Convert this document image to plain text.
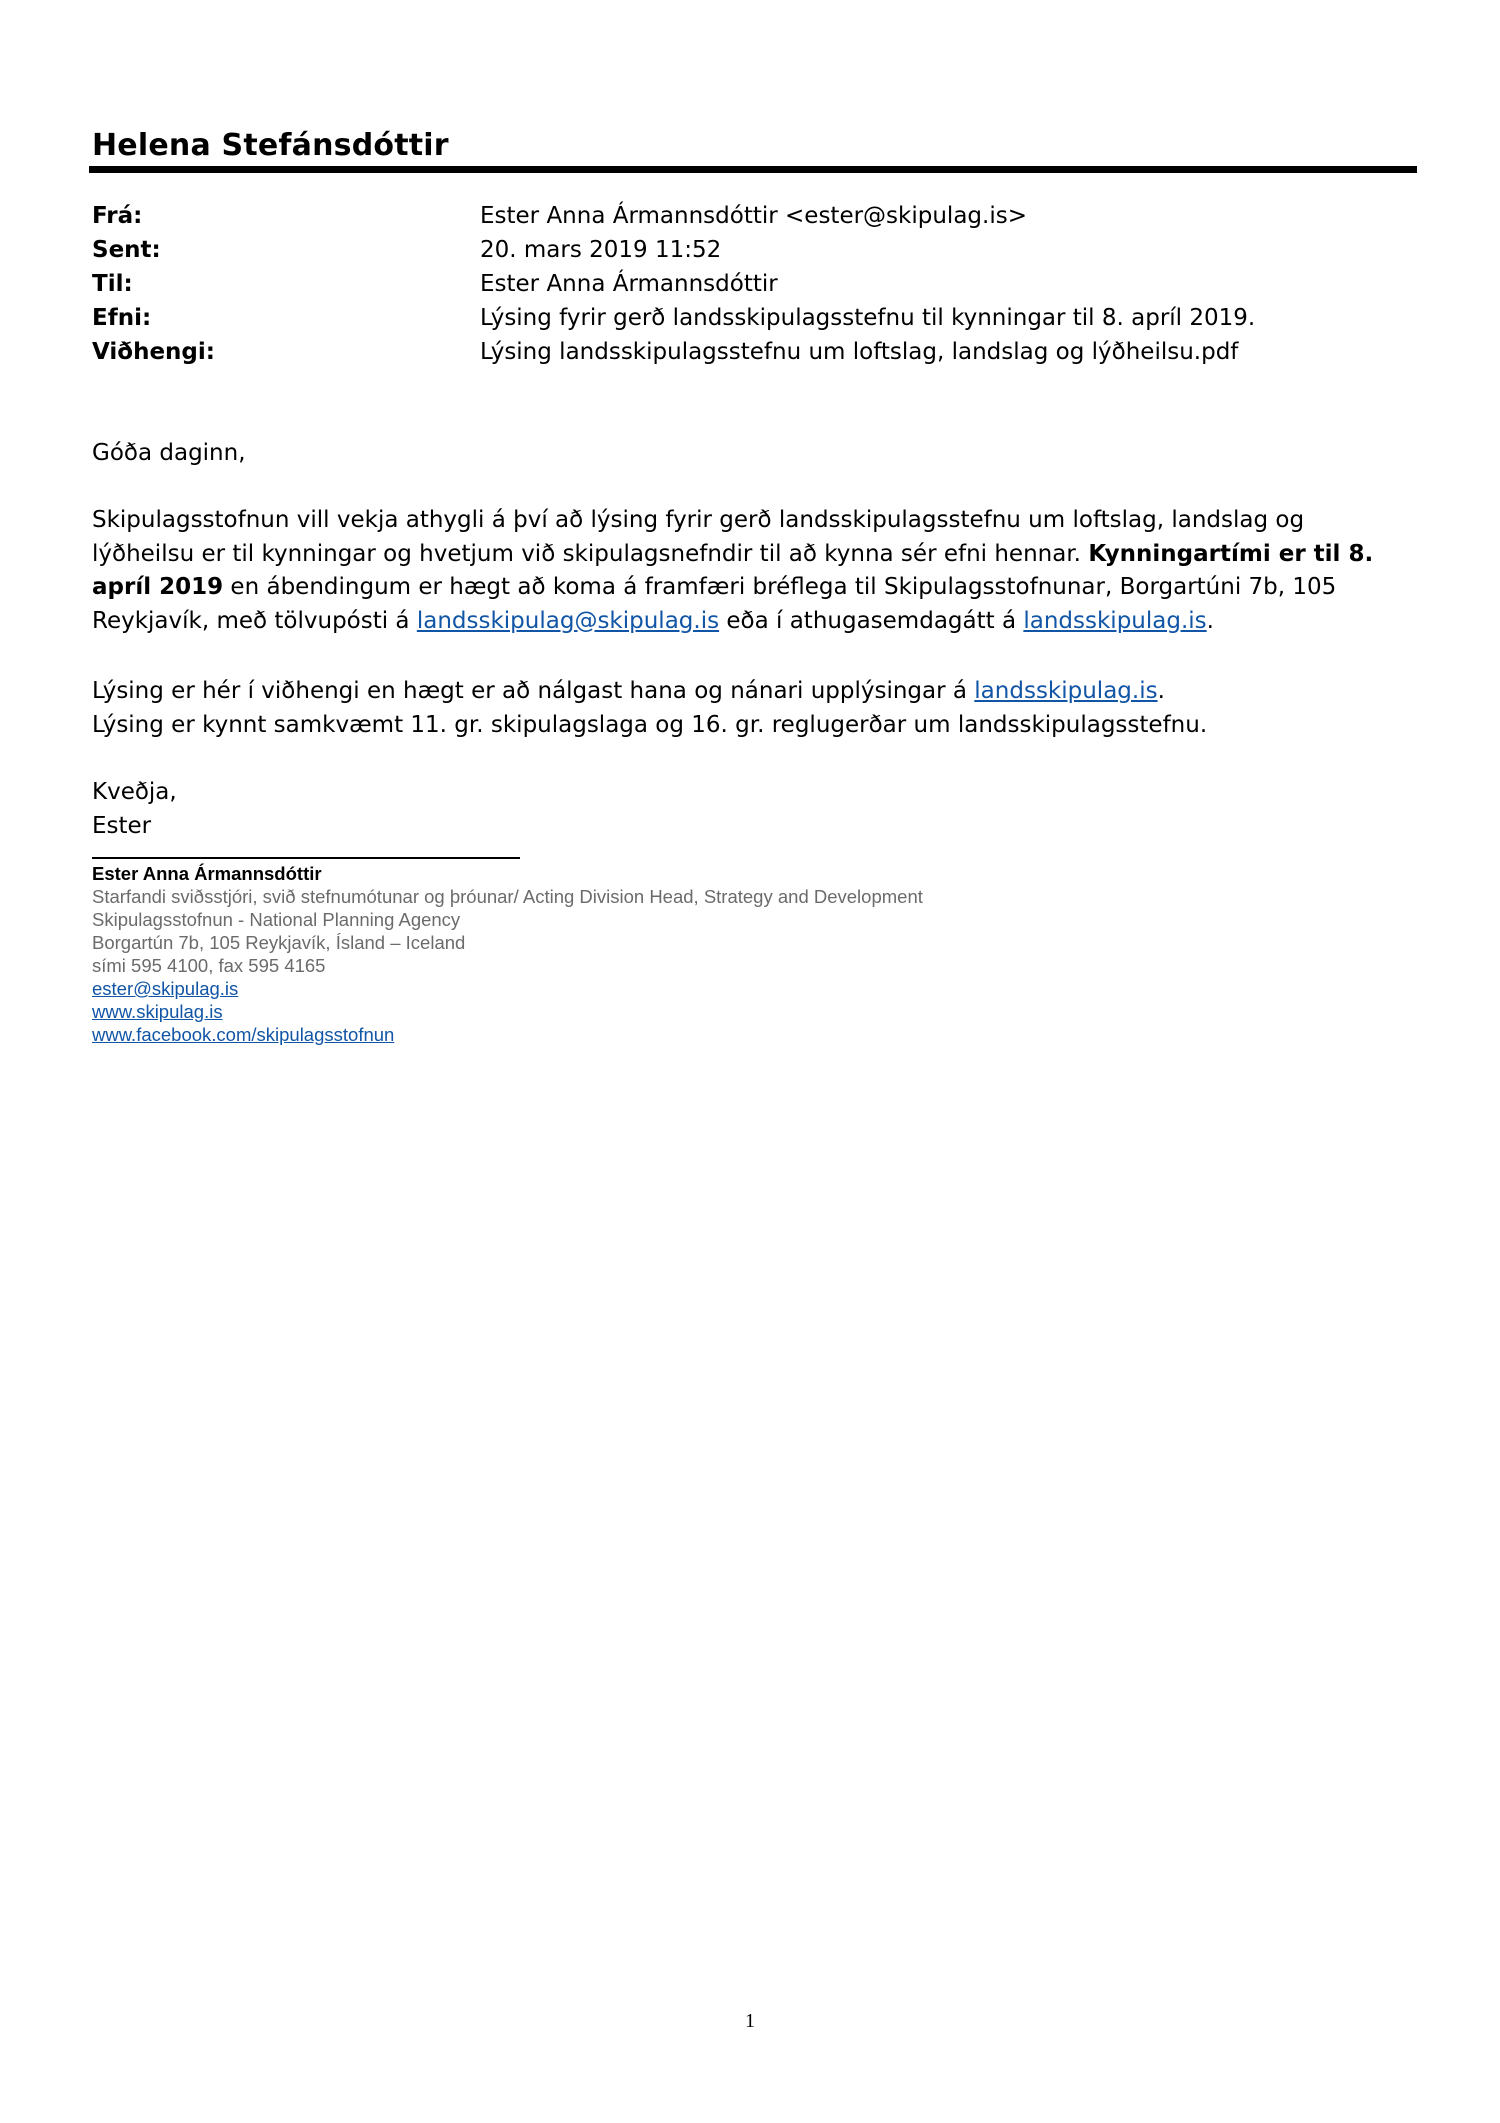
Helena Stefánsdóttir
Frá:	Ester Anna Ármannsdóttir <ester@skipulag.is>
Sent:	20. mars 2019 11:52
Til:	Ester Anna Ármannsdóttir
Efni:	Lýsing fyrir gerð landsskipulagsstefnu til kynningar til 8. apríl 2019.
Viðhengi:	Lýsing landsskipulagsstefnu um loftslag, landslag og lýðheilsu.pdf

Góða daginn,

Skipulagsstofnun vill vekja athygli á því að lýsing fyrir gerð landsskipulagsstefnu um loftslag, landslag og lýðheilsu er til kynningar og hvetjum við skipulagsnefndir til að kynna sér efni hennar. Kynningartími er til 8. apríl 2019 en ábendingum er hægt að koma á framfæri bréflega til Skipulagsstofnunar, Borgartúni 7b, 105 Reykjavík, með tölvupósti á landsskipulag@skipulag.is eða í athugasemdagátt á landsskipulag.is.

Lýsing er hér í viðhengi en hægt er að nálgast hana og nánari upplýsingar á landsskipulag.is.

Lýsing er kynnt samkvæmt 11. gr. skipulagslaga og 16. gr. reglugerðar um landsskipulagsstefnu.

Kveðja,

Ester

Ester Anna Ármannsdóttir
Starfandi sviðsstjóri, svið stefnumótunar og þróunar/ Acting Division Head, Strategy and Development
Skipulagsstofnun - National Planning Agency
Borgartún 7b, 105 Reykjavík, Ísland – Iceland
sími 595 4100, fax 595 4165
ester@skipulag.is
www.skipulag.is
www.facebook.com/skipulagsstofnun
1
